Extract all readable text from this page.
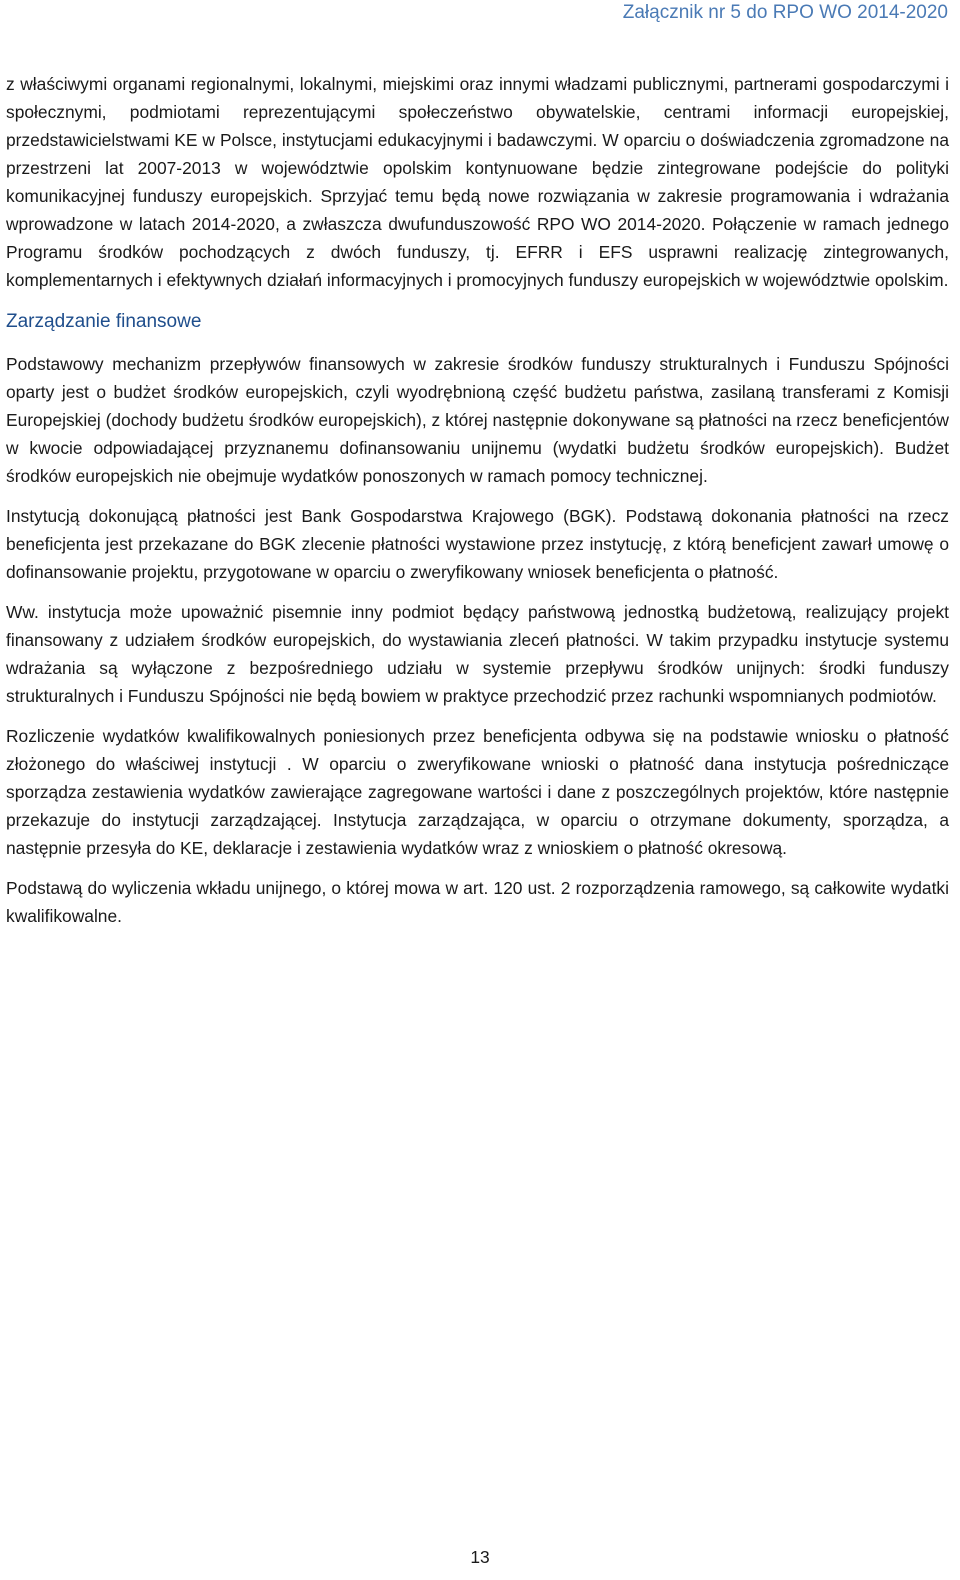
Załącznik nr 5 do RPO WO 2014-2020

z właściwymi organami regionalnymi, lokalnymi, miejskimi oraz innymi władzami publicznymi, partnerami gospodarczymi i społecznymi, podmiotami reprezentującymi społeczeństwo obywatelskie, centrami informacji europejskiej, przedstawicielstwami KE w Polsce, instytucjami edukacyjnymi i badawczymi. W oparciu o doświadczenia zgromadzone na przestrzeni lat 2007-2013 w województwie opolskim kontynuowane będzie zintegrowane podejście do polityki komunikacyjnej funduszy europejskich. Sprzyjać temu będą nowe rozwiązania w zakresie programowania i wdrażania wprowadzone w latach 2014-2020, a zwłaszcza dwufunduszowość RPO WO 2014-2020. Połączenie w ramach jednego Programu środków pochodzących z dwóch funduszy, tj. EFRR i EFS usprawni realizację zintegrowanych, komplementarnych i efektywnych działań informacyjnych i promocyjnych funduszy europejskich w województwie opolskim.

Zarządzanie finansowe

Podstawowy mechanizm przepływów finansowych w zakresie środków funduszy strukturalnych i Funduszu Spójności oparty jest o budżet środków europejskich, czyli wyodrębnioną część budżetu państwa, zasilaną transferami z Komisji Europejskiej (dochody budżetu środków europejskich), z której następnie dokonywane są płatności na rzecz beneficjentów w kwocie odpowiadającej przyznanemu dofinansowaniu unijnemu (wydatki budżetu środków europejskich). Budżet środków europejskich nie obejmuje wydatków ponoszonych w ramach pomocy technicznej.

Instytucją dokonującą płatności jest Bank Gospodarstwa Krajowego (BGK). Podstawą dokonania płatności na rzecz beneficjenta jest przekazane do BGK zlecenie płatności wystawione przez instytucję, z którą beneficjent zawarł umowę o dofinansowanie projektu, przygotowane w oparciu o zweryfikowany wniosek beneficjenta o płatność.

Ww. instytucja może upoważnić pisemnie inny podmiot będący państwową jednostką budżetową, realizujący projekt finansowany z udziałem środków europejskich, do wystawiania zleceń płatności. W takim przypadku instytucje systemu wdrażania są wyłączone z bezpośredniego udziału w systemie przepływu środków unijnych: środki funduszy strukturalnych i Funduszu Spójności nie będą bowiem w praktyce przechodzić przez rachunki wspomnianych podmiotów.

Rozliczenie wydatków kwalifikowalnych poniesionych przez beneficjenta odbywa się na podstawie wniosku o płatność złożonego do właściwej instytucji . W oparciu o zweryfikowane wnioski o płatność dana instytucja pośredniczące sporządza zestawienia wydatków zawierające zagregowane wartości i dane z poszczególnych projektów, które następnie przekazuje do instytucji zarządzającej. Instytucja zarządzająca, w oparciu o otrzymane dokumenty, sporządza, a następnie przesyła do KE, deklaracje i zestawienia wydatków wraz z wnioskiem o płatność okresową.

Podstawą do wyliczenia wkładu unijnego, o której mowa w art. 120 ust. 2 rozporządzenia ramowego, są całkowite wydatki kwalifikowalne.

13
